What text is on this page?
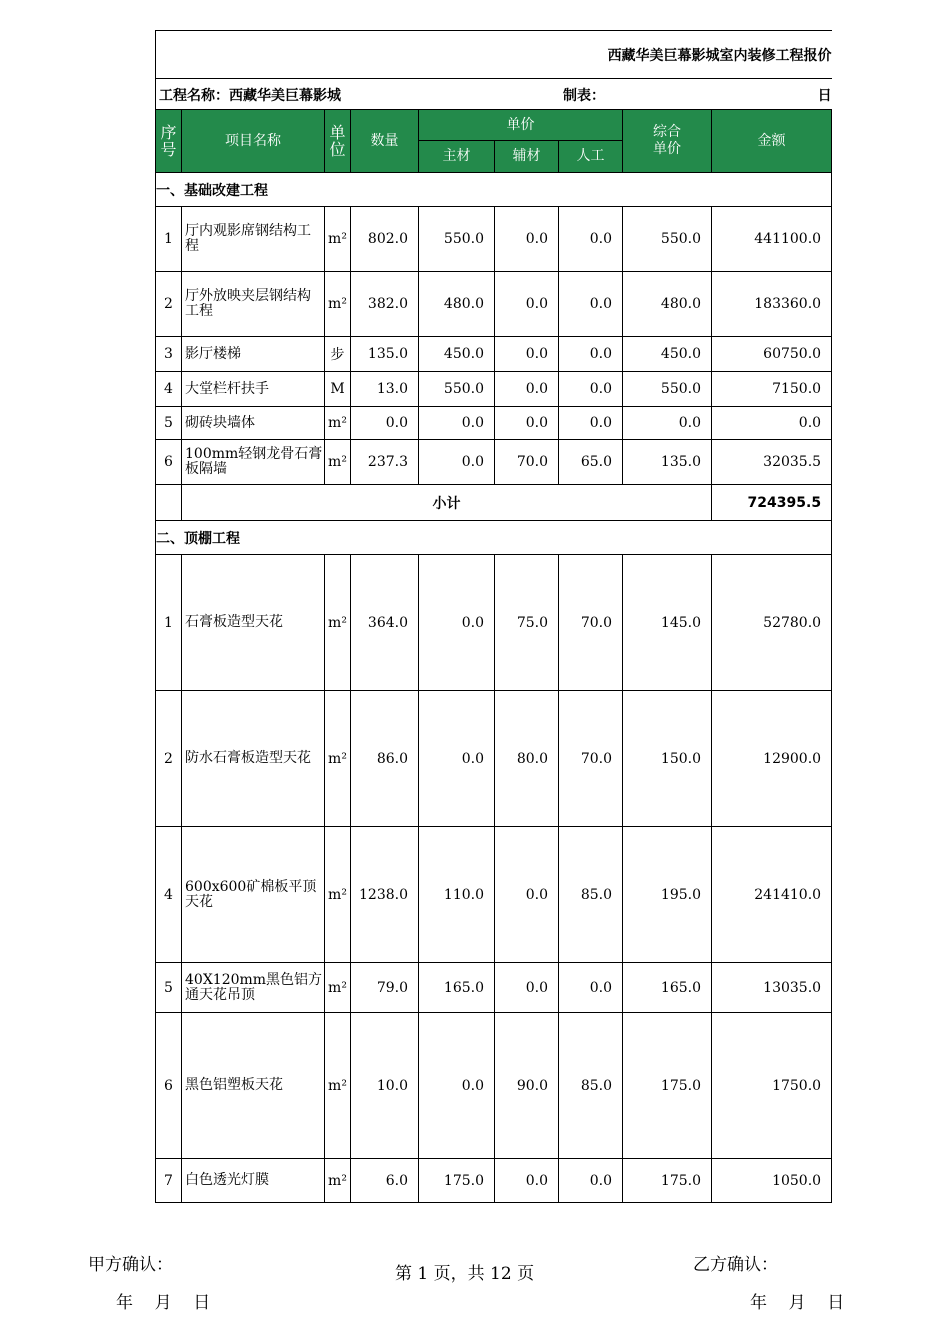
西藏华美巨幕影城室内装修工程报价								

工程名称：西藏华美巨幕影城 制表： 日								

序号	项目名称	单位	数量	单价			综合单价	金额
				主材	辅材	人工		
一、基础改建工程								
1	厅内观影席钢结构工程	m²	802.0	550.0	0.0	0.0	550.0	441100.0
2	厅外放映夹层钢结构工程	m²	382.0	480.0	0.0	0.0	480.0	183360.0
3	影厅楼梯	步	135.0	450.0	0.0	0.0	450.0	60750.0
4	大堂栏杆扶手	M	13.0	550.0	0.0	0.0	550.0	7150.0
5	砌砖块墙体	m²	0.0	0.0	0.0	0.0	0.0	0.0
6	100mm轻钢龙骨石膏板隔墙	m²	237.3	0.0	70.0	65.0	135.0	32035.5
	小计							724395.5
二、顶棚工程								
1	石膏板造型天花	m²	364.0	0.0	75.0	70.0	145.0	52780.0
2	防水石膏板造型天花	m²	86.0	0.0	80.0	70.0	150.0	12900.0
4	600x600矿棉板平顶天花	m²	1238.0	110.0	0.0	85.0	195.0	241410.0
5	40X120mm黑色铝方通天花吊顶	m²	79.0	165.0	0.0	0.0	165.0	13035.0
6	黑色铝塑板天花	m²	10.0	0.0	90.0	85.0	175.0	1750.0
7	白色透光灯膜	m²	6.0	175.0	0.0	0.0	175.0	1050.0
甲方确认：	第 1 页，共 12 页	乙方确认：
年    月    日	年    月    日
